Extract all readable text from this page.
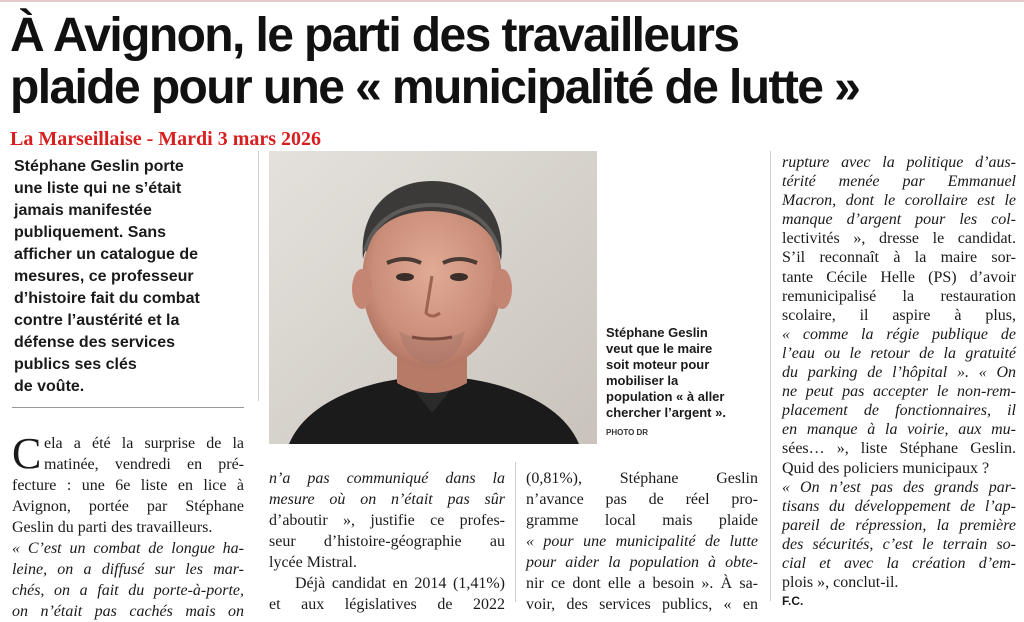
À Avignon, le parti des travailleurs
plaide pour une « municipalité de lutte »
La Marseillaise - Mardi 3 mars 2026
Stéphane Geslin porte
une liste qui ne s’était
jamais manifestée
publiquement. Sans
afficher un catalogue de
mesures, ce professeur
d’histoire fait du combat
contre l’austérité et la
défense des services
publics ses clés
de voûte.
Stéphane Geslin
veut que le maire
soit moteur pour
mobiliser la
population « à aller
chercher l’argent ».
PHOTO DR
C ela a été la surprise de la
matinée, vendredi en pré-
fecture : une 6e liste en lice à
Avignon, portée par Stéphane
Geslin du parti des travailleurs.
« C’est un combat de longue ha-
leine, on a diffusé sur les mar-
chés, on a fait du porte-à-porte,
on n’était pas cachés mais on
n’a pas communiqué dans la
mesure où on n’était pas sûr
d’aboutir », justifie ce profes-
seur d’histoire-géographie au
lycée Mistral.
Déjà candidat en 2014 (1,41%)
et aux législatives de 2022
(0,81%), Stéphane Geslin
n’avance pas de réel pro-
gramme local mais plaide
« pour une municipalité de lutte
pour aider la population à obte-
nir ce dont elle a besoin ». À sa-
voir, des services publics, « en
rupture avec la politique d’aus-
térité menée par Emmanuel
Macron, dont le corollaire est le
manque d’argent pour les col-
lectivités », dresse le candidat.
S’il reconnaît à la maire sor-
tante Cécile Helle (PS) d’avoir
remunicipalisé la restauration
scolaire, il aspire à plus,
« comme la régie publique de
l’eau ou le retour de la gratuité
du parking de l’hôpital ». « On
ne peut pas accepter le non-rem-
placement de fonctionnaires, il
en manque à la voirie, aux mu-
sées… », liste Stéphane Geslin.
Quid des policiers municipaux ?
« On n’est pas des grands par-
tisans du développement de l’ap-
pareil de répression, la première
des sécurités, c’est le terrain so-
cial et avec la création d’em-
plois », conclut-il.
F.C.
